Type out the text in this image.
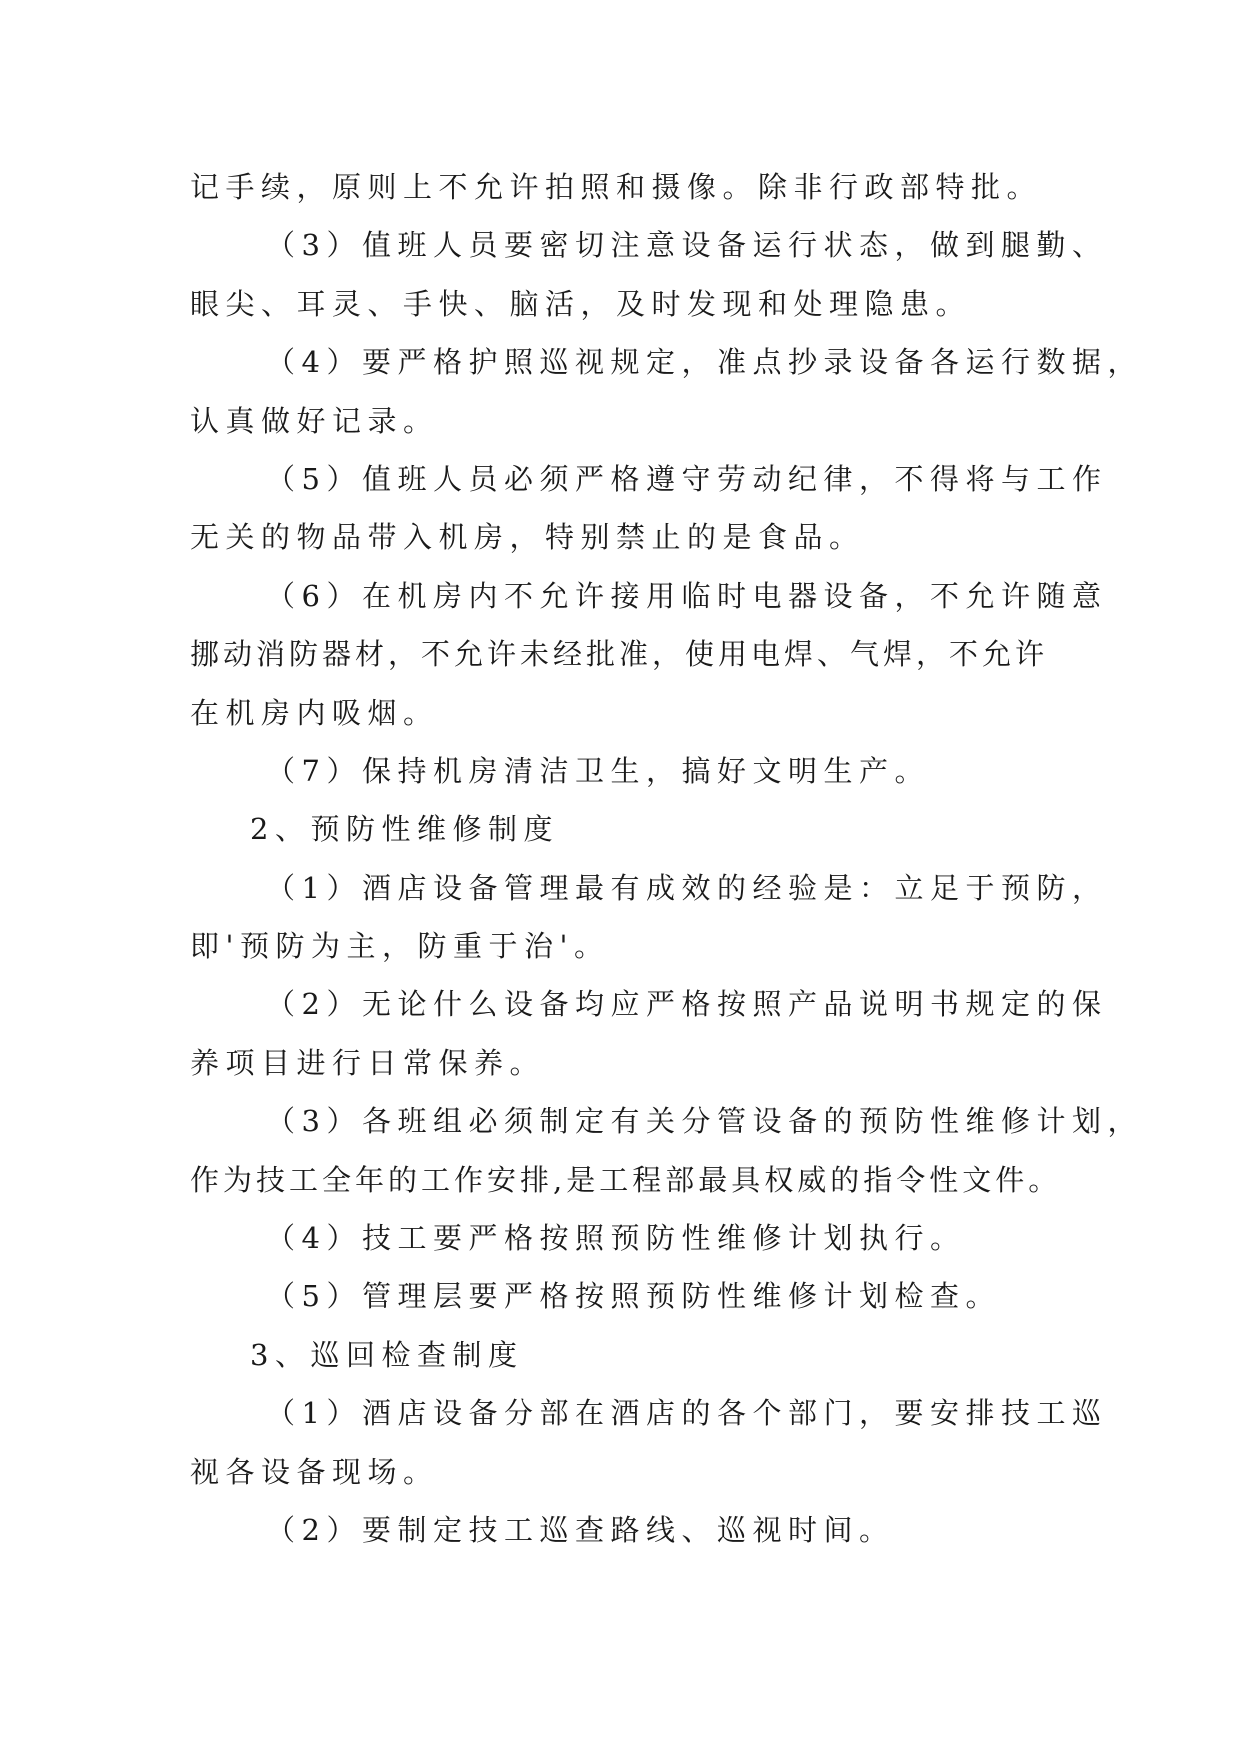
记手续，原则上不允许拍照和摄像。除非行政部特批。
（3）值班人员要密切注意设备运行状态，做到腿勤、
眼尖、耳灵、手快、脑活，及时发现和处理隐患。
（4）要严格护照巡视规定，准点抄录设备各运行数据，
认真做好记录。
（5）值班人员必须严格遵守劳动纪律，不得将与工作
无关的物品带入机房，特别禁止的是食品。
（6）在机房内不允许接用临时电器设备，不允许随意
挪动消防器材，不允许未经批准，使用电焊、气焊，不允许
在机房内吸烟。
（7）保持机房清洁卫生，搞好文明生产。
2、预防性维修制度
（1）酒店设备管理最有成效的经验是：立足于预防，
即'预防为主，防重于治'。
（2）无论什么设备均应严格按照产品说明书规定的保
养项目进行日常保养。
（3）各班组必须制定有关分管设备的预防性维修计划，
作为技工全年的工作安排,是工程部最具权威的指令性文件。
（4）技工要严格按照预防性维修计划执行。
（5）管理层要严格按照预防性维修计划检查。
3、巡回检查制度
（1）酒店设备分部在酒店的各个部门，要安排技工巡
视各设备现场。
（2）要制定技工巡查路线、巡视时间。
